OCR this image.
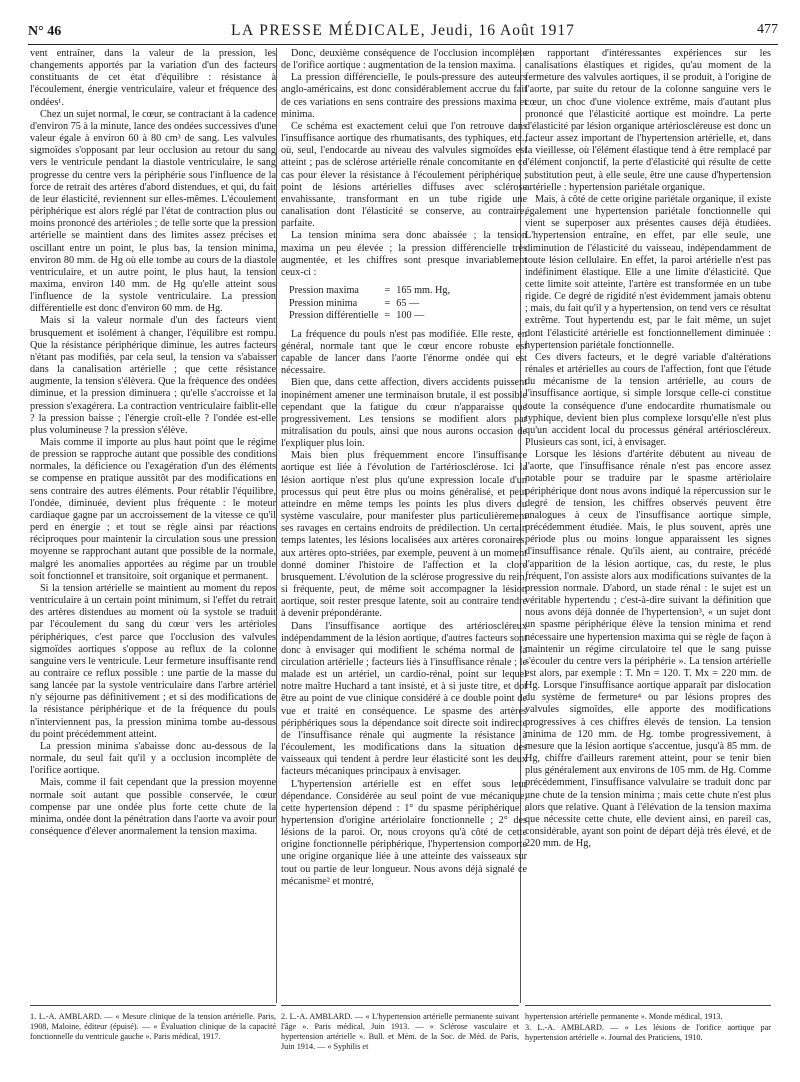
N° 46	LA PRESSE MÉDICALE, Jeudi, 16 Août 1917	477

vent entraîner, dans la valeur de la pression, les changements apportés par la variation d'un des facteurs constituants de cet état d'équilibre : résistance à l'écoulement, énergie ventriculaire, valeur et fréquence des ondées¹.

Chez un sujet normal, le cœur, se contractant à la cadence d'environ 75 à la minute, lance des ondées successives d'une valeur égale à environ 60 à 80 cm³ de sang. Les valvules sigmoïdes s'opposant par leur occlusion au retour du sang vers le ventricule pendant la diastole ventriculaire, le sang progresse du centre vers la périphérie sous l'influence de la force de retrait des artères d'abord distendues, et qui, du fait de leur élasticité, reviennent sur elles-mêmes. L'écoulement périphérique est alors réglé par l'état de contraction plus ou moins prononcé des artérioles ; de telle sorte que la pression artérielle se maintient dans des limites assez précises et oscillant entre un point, le plus bas, la tension minima, environ 80 mm. de Hg où elle tombe au cours de la diastole ventriculaire, et un autre point, le plus haut, la tension maxima, environ 140 mm. de Hg qu'elle atteint sous l'influence de la systole ventriculaire. La pression différentielle est donc d'environ 60 mm. de Hg.

Mais si la valeur normale d'un des facteurs vient brusquement et isolément à changer, l'équilibre est rompu. Que la résistance périphérique diminue, les autres facteurs n'étant pas modifiés, par cela seul, la tension va s'abaisser dans la canalisation artérielle ; que cette résistance augmente, la tension s'élèvera. Que la fréquence des ondées diminue, et la pression diminuera ; qu'elle s'accroisse et la pression s'exagérera. La contraction ventriculaire faiblit-elle ? la pression baisse ; l'énergie croît-elle ? l'ondée est-elle plus volumineuse ? la pression s'élève.

Mais comme il importe au plus haut point que le régime de pression se rapproche autant que possible des conditions normales, la déficience ou l'exagération d'un des éléments se compense en pratique aussitôt par des modifications en sens contraire des autres éléments. Pour rétablir l'équilibre, l'ondée, diminuée, devient plus fréquente : le moteur cardiaque gagne par un accroissement de la vitesse ce qu'il perd en énergie ; et tout se règle ainsi par réactions réciproques pour maintenir la circulation sous une pression moyenne se rapprochant autant que possible de la normale, malgré les anomalies apportées au régime par un trouble soit fonctionnel et transitoire, soit organique et permanent.

Si la tension artérielle se maintient au moment du repos ventriculaire à un certain point minimum, si l'effet du retrait des artères distendues au moment où la systole se traduit par l'écoulement du sang du cœur vers les artérioles périphériques, c'est parce que l'occlusion des valvules sigmoïdes aortiques s'oppose au reflux de la colonne sanguine vers le ventricule. Leur fermeture insuffisante rend au contraire ce reflux possible : une partie de la masse du sang lancée par la systole ventriculaire dans l'arbre artériel n'y séjourne pas définitivement ; et si des modifications de la résistance périphérique et de la fréquence du pouls n'interviennent pas, la pression minima tombe au-dessous du point précédemment atteint.

La pression minima s'abaisse donc au-dessous de la normale, du seul fait qu'il y a occlusion incomplète de l'orifice aortique.

Mais, comme il fait cependant que la pression moyenne normale soit autant que possible conservée, le cœur compense par une ondée plus forte cette chute de la minima, ondée dont la pénétration dans l'aorte va avoir pour conséquence d'élever anormalement la tension maxima.

Donc, deuxième conséquence de l'occlusion incomplète de l'orifice aortique : augmentation de la tension maxima.

La pression différencielle, le pouls-pressure des auteurs anglo-américains, est donc considérablement accrue du fait de ces variations en sens contraire des pressions maxima et minima.

Ce schéma est exactement celui que l'on retrouve dans l'insuffisance aortique des rhumatisants, des typhiques, etc., où, seul, l'endocarde au niveau des valvules sigmoïdes est atteint ; pas de sclérose artérielle rénale concomitante en ce cas pour élever la résistance à l'écoulement périphérique ; point de lésions artérielles diffuses avec sclérose envahissante, transformant en un tube rigide une canalisation dont l'élasticité se conserve, au contraire, parfaite.

La tension minima sera donc abaissée ; la tension maxima un peu élevée ; la pression différencielle très augmentée, et les chiffres sont presque invariablement ceux-ci :

Pression maxima	=	165 mm. Hg,
Pression minima	=	65 —
Pression différentielle	=	100 —

La fréquence du pouls n'est pas modifiée. Elle reste, en général, normale tant que le cœur encore robuste est capable de lancer dans l'aorte l'énorme ondée qui est nécessaire.

Bien que, dans cette affection, divers accidents puissent inopinément amener une terminaison brutale, il est possible cependant que la fatigue du cœur n'apparaisse que progressivement. Les tensions se modifient alors par mitralisation du pouls, ainsi que nous aurons occasion de l'expliquer plus loin.

Mais bien plus fréquemment encore l'insuffisance aortique est liée à l'évolution de l'artériosclérose. Ici la lésion aortique n'est plus qu'une expression locale d'un processus qui peut être plus ou moins généralisé, et peut atteindre en même temps les points les plus divers du système vasculaire, pour manifester plus particulièrement ses ravages en certains endroits de prédilection. Un certain temps latentes, les lésions localisées aux artères coronaires, aux artères opto-striées, par exemple, peuvent à un moment donné dominer l'histoire de l'affection et la clore brusquement. L'évolution de la sclérose progressive du rein, si fréquente, peut, de même soit accompagner la lésion aortique, soit rester presque latente, soit au contraire tendre à devenir prépondérante.

Dans l'insuffisance aortique des artérioscléreux indépendamment de la lésion aortique, d'autres facteurs sont donc à envisager qui modifient le schéma normal de la circulation artérielle ; facteurs liés à l'insuffisance rénale ; le malade est un artériel, un cardio-rénal, point sur lequel notre maître Huchard a tant insisté, et à si juste titre, et dot être au point de vue clinique considéré à ce double point de vue et traité en conséquence. Le spasme des artères périphériques sous la dépendance soit directe soit indirecte de l'insuffisance rénale qui augmente la résistance à l'écoulement, les modifications dans la situation des vaisseaux qui tendent à perdre leur élasticité sont les deux facteurs mécaniques principaux à envisager.

L'hypertension artérielle est en effet sous leur dépendance. Considérée au seul point de vue mécanique, cette hypertension dépend : 1° du spasme périphérique : hypertension d'origine artériolaire fonctionnelle ; 2° des lésions de la paroi. Or, nous croyons qu'à côté de cette origine fonctionnelle périphérique, l'hypertension comporte une origine organique liée à une atteinte des vaisseaux sur tout ou partie de leur longueur. Nous avons déjà signalé ce mécanisme² et montré,

en rapportant d'intéressantes expériences sur les canalisations élastiques et rigides, qu'au moment de la fermeture des valvules aortiques, il se produit, à l'origine de l'aorte, par suite du retour de la colonne sanguine vers le cœur, un choc d'une violence extrême, mais d'autant plus prononcé que l'élasticité aortique est moindre. La perte d'élasticité par lésion organique artérioscléreuse est donc un facteur assez important de l'hypertension artérielle, et, dans la vieillesse, où l'élément élastique tend à être remplacé par l'élément conjonctif, la perte d'élasticité qui résulte de cette substitution peut, à elle seule, être une cause d'hypertension artérielle : hypertension pariétale organique.

Mais, à côté de cette origine pariétale organique, il existe également une hypertension pariétale fonctionnelle qui vient se superposer aux présentes causes déjà étudiées. L'hypertension entraîne, en effet, par elle seule, une diminution de l'élasticité du vaisseau, indépendamment de toute lésion cellulaire. En effet, la paroi artérielle n'est pas indéfiniment élastique. Elle a une limite d'élasticité. Que cette limite soit atteinte, l'artère est transformée en un tube rigide. Ce degré de rigidité n'est évidemment jamais obtenu ; mais, du fait qu'il y a hypertension, on tend vers ce résultat extrême. Tout hypertendu est, par le fait même, un sujet dont l'élasticité artérielle est fonctionnellement diminuée : hypertension pariétale fonctionnelle.

Ces divers facteurs, et le degré variable d'altérations rénales et artérielles au cours de l'affection, font que l'étude du mécanisme de la tension artérielle, au cours de l'insuffisance aortique, si simple lorsque celle-ci constitue toute la conséquence d'une endocardite rhumatismale ou typhique, devient bien plus complexe lorsqu'elle n'est plus qu'un accident local du processus général artérioscléreux. Plusieurs cas sont, ici, à envisager.

Lorsque les lésions d'artérite débutent au niveau de l'aorte, que l'insuffisance rénale n'est pas encore assez notable pour se traduire par le spasme artériolaire périphérique dont nous avons indiqué la répercussion sur le degré de tension, les chiffres observés peuvent être analogues à ceux de l'insuffisance aortique simple, précédemment étudiée. Mais, le plus souvent, après une période plus ou moins longue apparaissent les signes d'insuffisance rénale. Qu'ils aient, au contraire, précédé l'apparition de la lésion aortique, cas, du reste, le plus fréquent, l'on assiste alors aux modifications suivantes de la pression normale. D'abord, un stade rénal : le sujet est un véritable hypertendu ; c'est-à-dire suivant la définition que nous avons déjà donnée de l'hypertension³, « un sujet dont un spasme périphérique élève la tension minima et rend nécessaire une hypertension maxima qui se règle de façon à maintenir un régime circulatoire tel que le sang puisse s'écouler du centre vers la périphérie ». La tension artérielle est alors, par exemple : T. Mn = 120. T. Mx = 220 mm. de Hg. Lorsque l'insuffisance aortique apparaît par dislocation du système de fermeture⁴ ou par lésions propres des valvules sigmoïdes, elle apporte des modifications progressives à ces chiffres élevés de tension. La tension minima de 120 mm. de Hg. tombe progressivement, à mesure que la lésion aortique s'accentue, jusqu'à 85 mm. de Hg, chiffre d'ailleurs rarement atteint, pour se tenir bien plus généralement aux environs de 105 mm. de Hg. Comme précédemment, l'insuffisance valvulaire se traduit donc par une chute de la tension minima ; mais cette chute n'est plus alors que relative. Quant à l'élévation de la tension maxima que nécessite cette chute, elle devient ainsi, en pareil cas, considérable, ayant son point de départ déjà très élevé, et de 220 mm. de Hg,

1. L.-A. AMBLARD. — « Mesure clinique de la tension artérielle. Paris, 1908, Maloine, éditeur (épuisé). — « Évaluation clinique de la capacité fonctionnelle du ventricule gauche ». Paris médical, 1917.

2. L.-A. AMBLARD. — « L'hypertension artérielle permanente suivant l'âge ». Paris médical, Juin 1913. — « Sclérose vasculaire et hypertension artérielle ». Bull. et Mém. de la Soc. de Méd. de Paris, Juin 1914. — « Syphilis et

hypertension artérielle permanente ». Monde médical, 1913.

3. L.-A. AMBLARD. — « Les lésions de l'orifice aortique par hypertension artérielle ». Journal des Praticiens, 1910.
